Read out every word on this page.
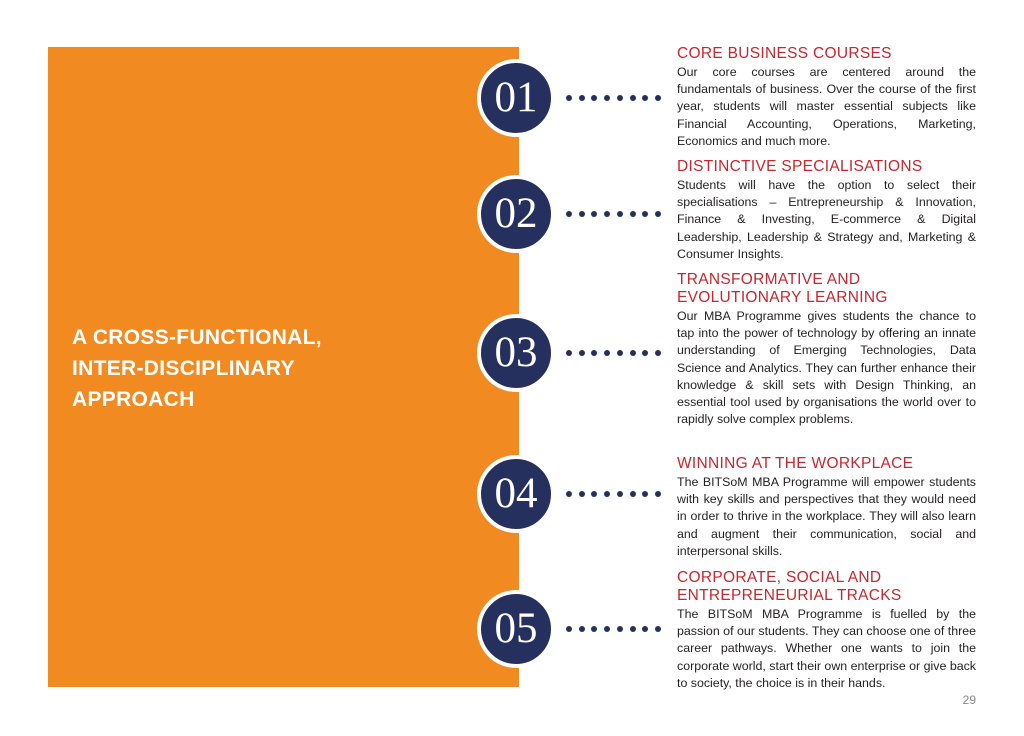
A CROSS-FUNCTIONAL,
INTER-DISCIPLINARY
APPROACH
01
CORE BUSINESS COURSES

Our core courses are centered around the fundamentals of business. Over the course of the first year, students will master essential subjects like Financial Accounting, Operations, Marketing, Economics and much more.

02
DISTINCTIVE SPECIALISATIONS

Students will have the option to select their specialisations – Entrepreneurship & Innovation, Finance & Investing, E-commerce & Digital Leadership, Leadership & Strategy and, Marketing & Consumer Insights.

03
TRANSFORMATIVE AND EVOLUTIONARY LEARNING

Our MBA Programme gives students the chance to tap into the power of technology by offering an innate understanding of Emerging Technologies, Data Science and Analytics. They can further enhance their knowledge & skill sets with Design Thinking, an essential tool used by organisations the world over to rapidly solve complex problems.

04
WINNING AT THE WORKPLACE

The BITSoM MBA Programme will empower students with key skills and perspectives that they would need in order to thrive in the workplace. They will also learn and augment their communication, social and interpersonal skills.

05
CORPORATE, SOCIAL AND ENTREPRENEURIAL TRACKS

The BITSoM MBA Programme is fuelled by the passion of our students. They can choose one of three career pathways. Whether one wants to join the corporate world, start their own enterprise or give back to society, the choice is in their hands.

29
